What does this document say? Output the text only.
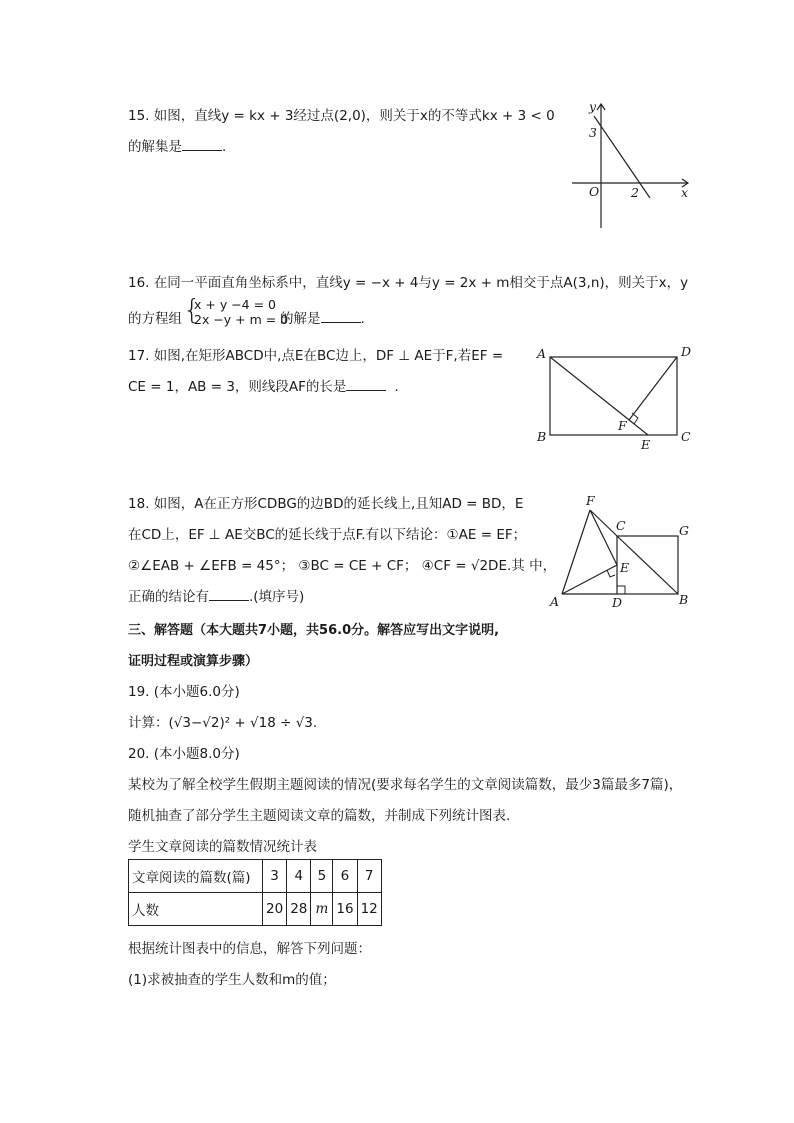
15. 如图，直线y = kx + 3经过点(2,0)，则关于x的不等式kx + 3 < 0
的解集是	.
y
x
O
3
2
16. 在同一平面直角坐标系中，直线y = −x + 4与y = 2x + m相交于点A(3,n)，则关于x，y
的方程组 {
x + y −4 = 0
2x −y + m = 0
的解是	.
17. 如图,在矩形ABCD中,点E在BC边上，DF ⊥ AE于F,若EF =
CE = 1，AB = 3，则线段AF的长是	.
A	D
B	C
F
E
18. 如图，A在正方形CDBG的边BD的延长线上,且知AD = BD，E
在CD上，EF ⊥ AE交BC的延长线于点F.有以下结论：①AE = EF；
②∠EAB + ∠EFB = 45°； ③BC = CE + CF； ④CF = √2DE.其 中，
正确的结论有	.(填序号)
F
C	G
E
A	D	B
三、解答题（本大题共7小题，共56.0分。解答应写出文字说明,
证明过程或演算步骤）
19. (本小题6.0分)
计算：(√3−√2)² + √18 ÷ √3.
20. (本小题8.0分)
某校为了解全校学生假期主题阅读的情况(要求每名学生的文章阅读篇数，最少3篇最多7篇)，
随机抽查了部分学生主题阅读文章的篇数，并制成下列统计图表.
学生文章阅读的篇数情况统计表
文章阅读的篇数(篇)	3	4	5	6	7
人数	20	28	m	16	12
根据统计图表中的信息，解答下列问题：
(1)求被抽查的学生人数和m的值；
